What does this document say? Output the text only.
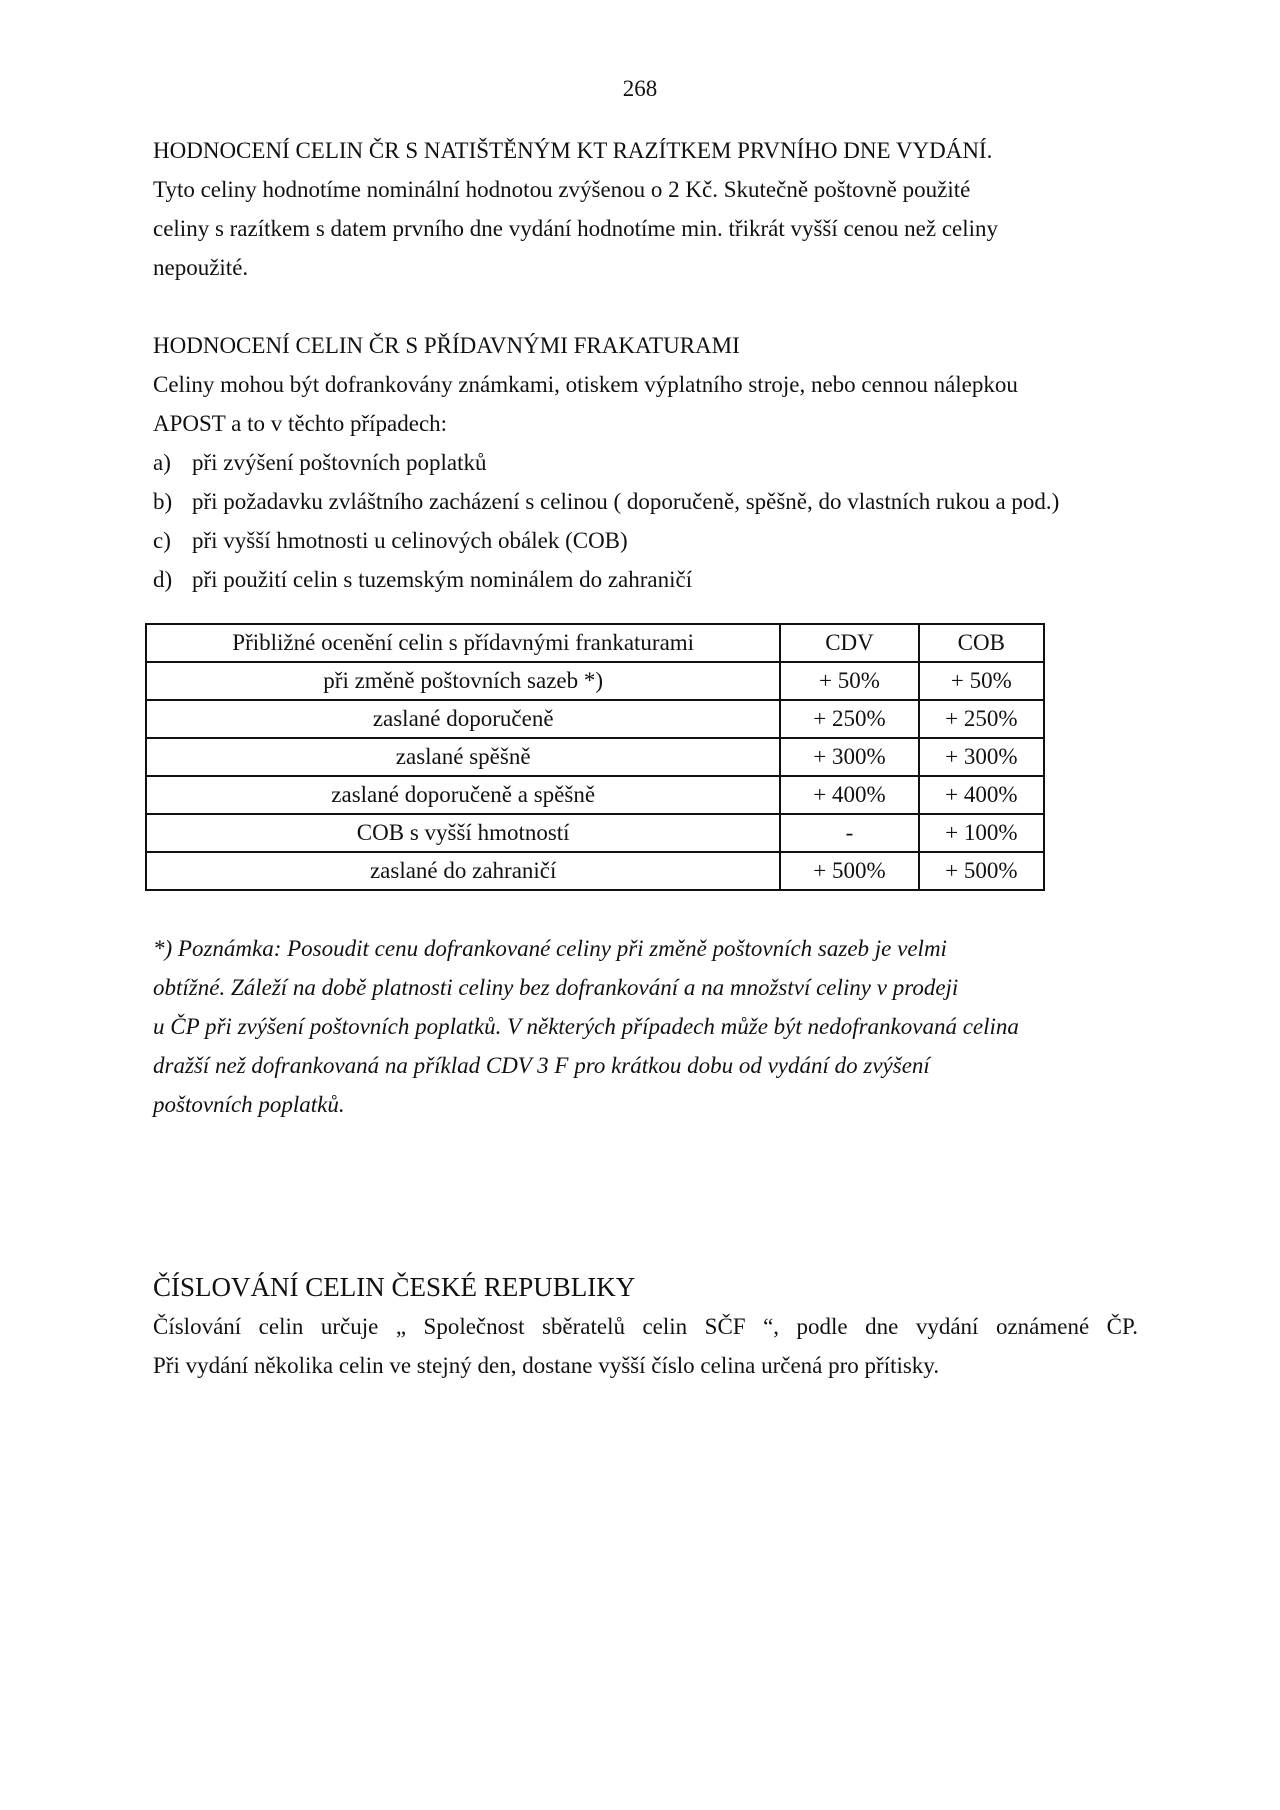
268
HODNOCENÍ CELIN ČR S NATIŠTĚNÝM KT RAZÍTKEM PRVNÍHO DNE VYDÁNÍ.

Tyto celiny hodnotíme nominální hodnotou zvýšenou o 2 Kč. Skutečně poštovně použité

celiny s razítkem s datem prvního dne vydání hodnotíme min. třikrát vyšší cenou než celiny

nepoužité.

HODNOCENÍ CELIN ČR S PŘÍDAVNÝMI FRAKATURAMI

Celiny mohou být dofrankovány známkami, otiskem výplatního stroje, nebo cennou nálepkou

APOST a to v těchto případech:

a) při zvýšení poštovních poplatků
b) při požadavku zvláštního zacházení s celinou ( doporučeně, spěšně, do vlastních rukou a pod.)
c) při vyšší hmotnosti u celinových obálek (COB)
d) při použití celin s tuzemským nominálem do zahraničí
Přibližné ocenění celin s přídavnými frankaturami	CDV	COB
při změně poštovních sazeb *)	+ 50%	+ 50%
zaslané doporučeně	+ 250%	+ 250%
zaslané spěšně	+ 300%	+ 300%
zaslané doporučeně a spěšně	+ 400%	+ 400%
COB s vyšší hmotností	-	+ 100%
zaslané do zahraničí	+ 500%	+ 500%
*) Poznámka: Posoudit cenu dofrankované celiny při změně poštovních sazeb je velmi
obtížné. Záleží na době platnosti celiny bez dofrankování a na množství celiny v prodeji
u ČP při zvýšení poštovních poplatků. V některých případech může být nedofrankovaná celina
dražší než dofrankovaná na příklad CDV 3 F pro krátkou dobu od vydání do zvýšení
poštovních poplatků.
ČÍSLOVÁNÍ CELIN ČESKÉ REPUBLIKY

Číslování celin určuje „ Společnost sběratelů celin SČF “, podle dne vydání oznámené ČP.

Při vydání několika celin ve stejný den, dostane vyšší číslo celina určená pro přítisky.
